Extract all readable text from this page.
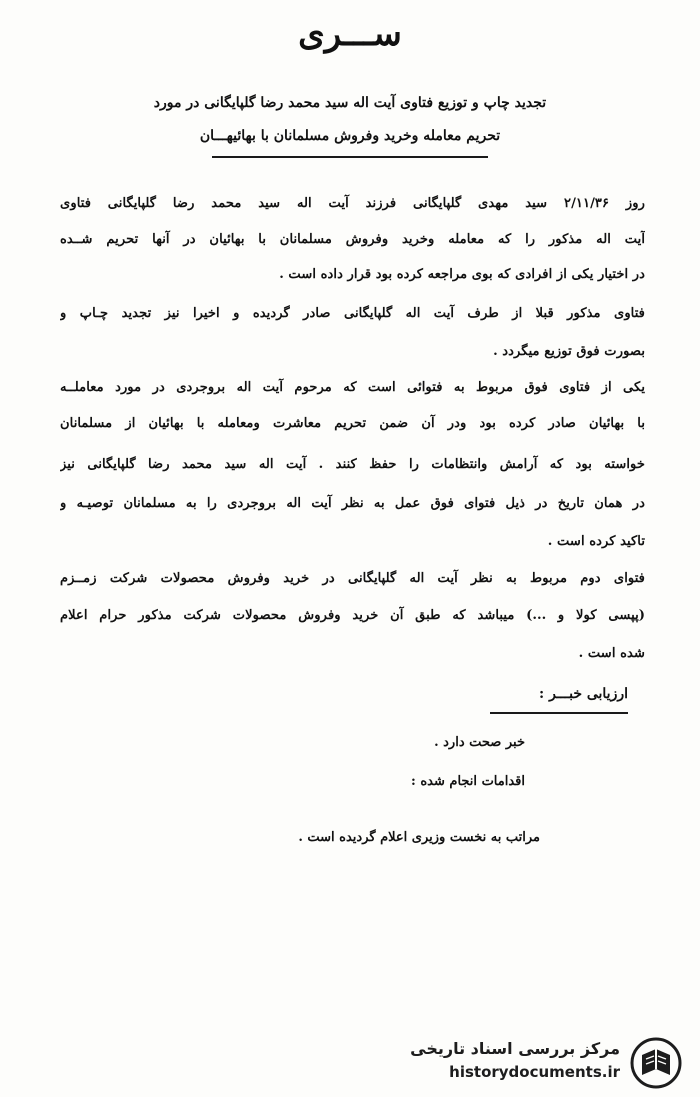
ســـری
تجدید چاپ و توزیع فتاوی آیت اله سید محمد رضا گلپایگانی در مورد
تحریم معامله وخرید وفروش مسلمانان با بهائیهـــان
روز ۲/۱۱/۳۶ سید مهدی گلپایگانی فرزند آیت اله سید محمد رضا گلپایگانی فتاوی
آیت اله مذکور را که معامله وخرید وفروش مسلمانان با بهائیان در آنها تحریم شــده
در اختیار یکی از افرادی که بوی مراجعه کرده بود قرار داده است .
فتاوی مذکور قبلا از طرف آیت اله گلپایگانی صادر گردیده و اخیرا نیز تجدید چـاپ و
بصورت فوق توزیع میگردد .
یکی از فتاوی فوق مربوط به فتوائی است که مرحوم آیت اله بروجردی در مورد معاملــه
با بهائیان صادر کرده بود ودر آن ضمن تحریم معاشرت ومعامله با بهائیان از مسلمانان
خواسته بود که آرامش وانتظامات را حفظ کنند . آیت اله سید محمد رضا گلپایگانی نیز
در همان تاریخ در ذیل فتوای فوق عمل به نظر آیت اله بروجردی را به مسلمانان توصیـه و
تاکید کرده است .
فتوای دوم مربوط به نظر آیت اله گلپایگانی در خرید وفروش محصولات شرکت زمــزم
(پپسی کولا و ...) میباشد که طبق آن خرید وفروش محصولات شرکت مذکور حرام اعلام
شده است .
ارزیابی خبـــر :
خبر صحت دارد .
اقدامات انجام شده :
مراتب به نخست وزیری اعلام گردیده است .
مرکز بررسی اسناد تاریخی
historydocuments.ir
